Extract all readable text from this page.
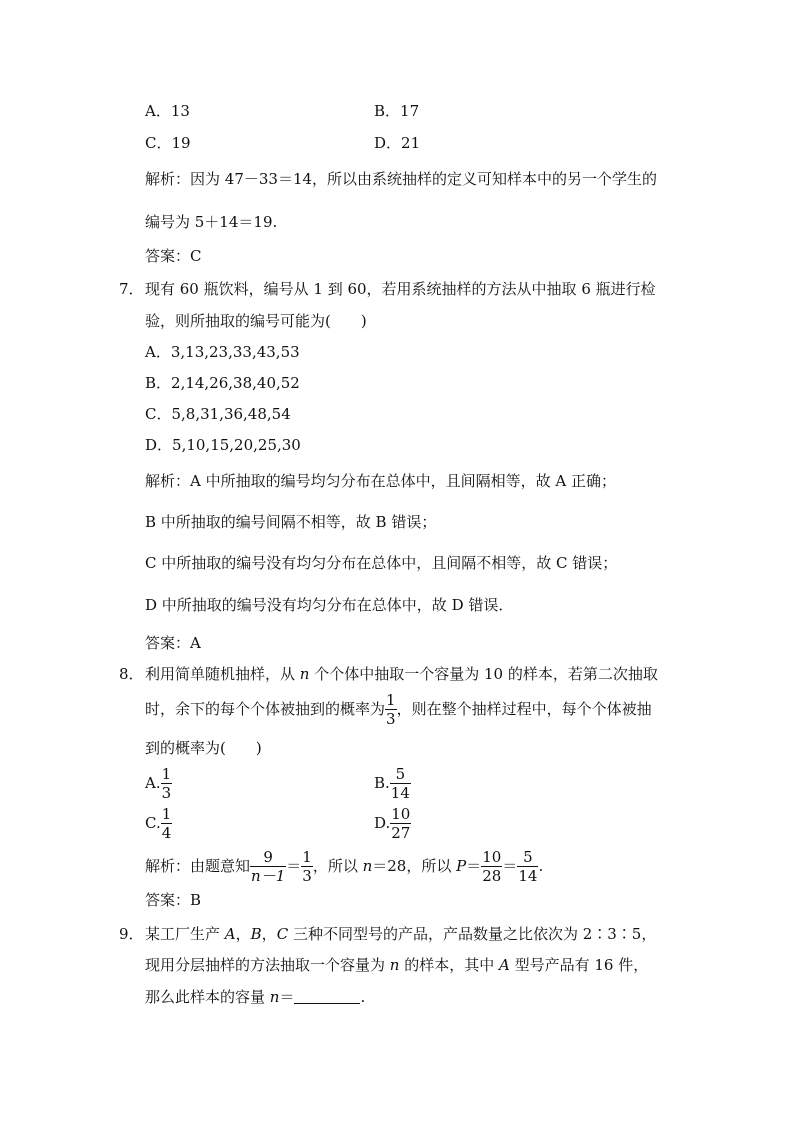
A．13	B．17
C．19	D．21
解析：因为 47－33＝14，所以由系统抽样的定义可知样本中的另一个学生的
编号为 5＋14＝19.
答案：C
7． 现有 60 瓶饮料，编号从 1 到 60，若用系统抽样的方法从中抽取 6 瓶进行检
验，则所抽取的编号可能为(　　)
A．3,13,23,33,43,53
B．2,14,26,38,40,52
C．5,8,31,36,48,54
D．5,10,15,20,25,30
解析：A 中所抽取的编号均匀分布在总体中，且间隔相等，故 A 正确；
B 中所抽取的编号间隔不相等，故 B 错误；
C 中所抽取的编号没有均匀分布在总体中，且间隔不相等，故 C 错误；
D 中所抽取的编号没有均匀分布在总体中，故 D 错误．
答案：A
8． 利用简单随机抽样，从 n 个个体中抽取一个容量为 10 的样本，若第二次抽取
时，余下的每个个体被抽到的概率为 $\frac{1}{3}$ ，则在整个抽样过程中，每个个体被抽
到的概率为(　　)
A. $\frac{1}{3}$	B. $\frac{5}{14}$
C. $\frac{1}{4}$	D. $\frac{10}{27}$
解析：由题意知 $\frac{9}{n-1} = \frac{1}{3}$ ，所以 n＝28，所以 $P= \frac{10}{28} = \frac{5}{14}$ .
答案：B
9． 某工厂生产 A，B，C 三种不同型号的产品，产品数量之比依次为 2∶3∶5，
现用分层抽样的方法抽取一个容量为 n 的样本，其中 A 型号产品有 16 件，
那么此样本的容量 n＝	.
